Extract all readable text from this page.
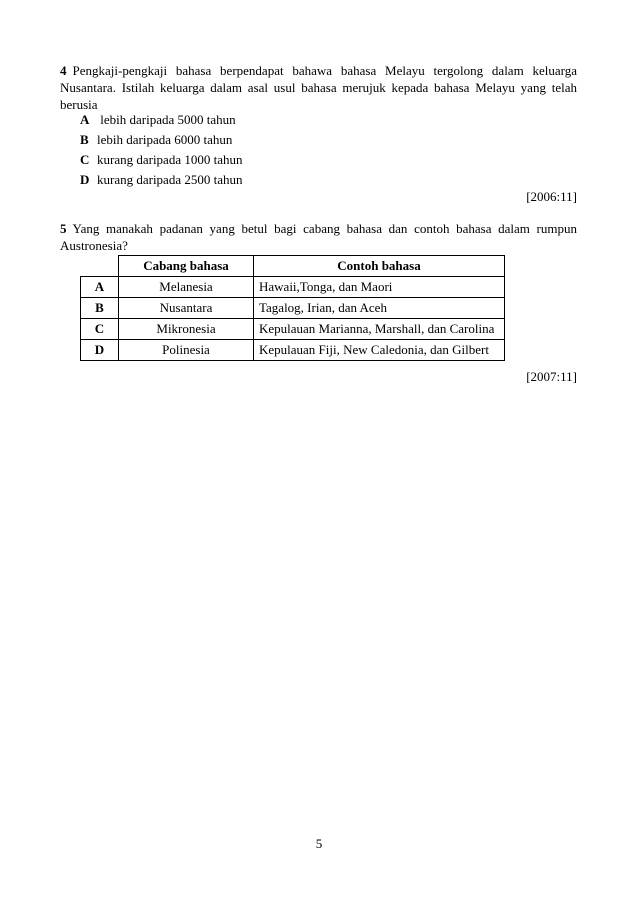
4 Pengkaji-pengkaji bahasa berpendapat bahawa bahasa Melayu tergolong dalam keluarga Nusantara. Istilah keluarga dalam asal usul bahasa merujuk kepada bahasa Melayu yang telah berusia
A lebih daripada 5000 tahun
B lebih daripada 6000 tahun
C kurang daripada 1000 tahun
D kurang daripada 2500 tahun
[2006:11]
5 Yang manakah padanan yang betul bagi cabang bahasa dan contoh bahasa dalam rumpun Austronesia?
	Cabang bahasa	Contoh bahasa
A	Melanesia	Hawaii,Tonga, dan Maori
B	Nusantara	Tagalog, Irian, dan Aceh
C	Mikronesia	Kepulauan Marianna, Marshall, dan Carolina
D	Polinesia	Kepulauan Fiji, New Caledonia, dan Gilbert
[2007:11]
5
